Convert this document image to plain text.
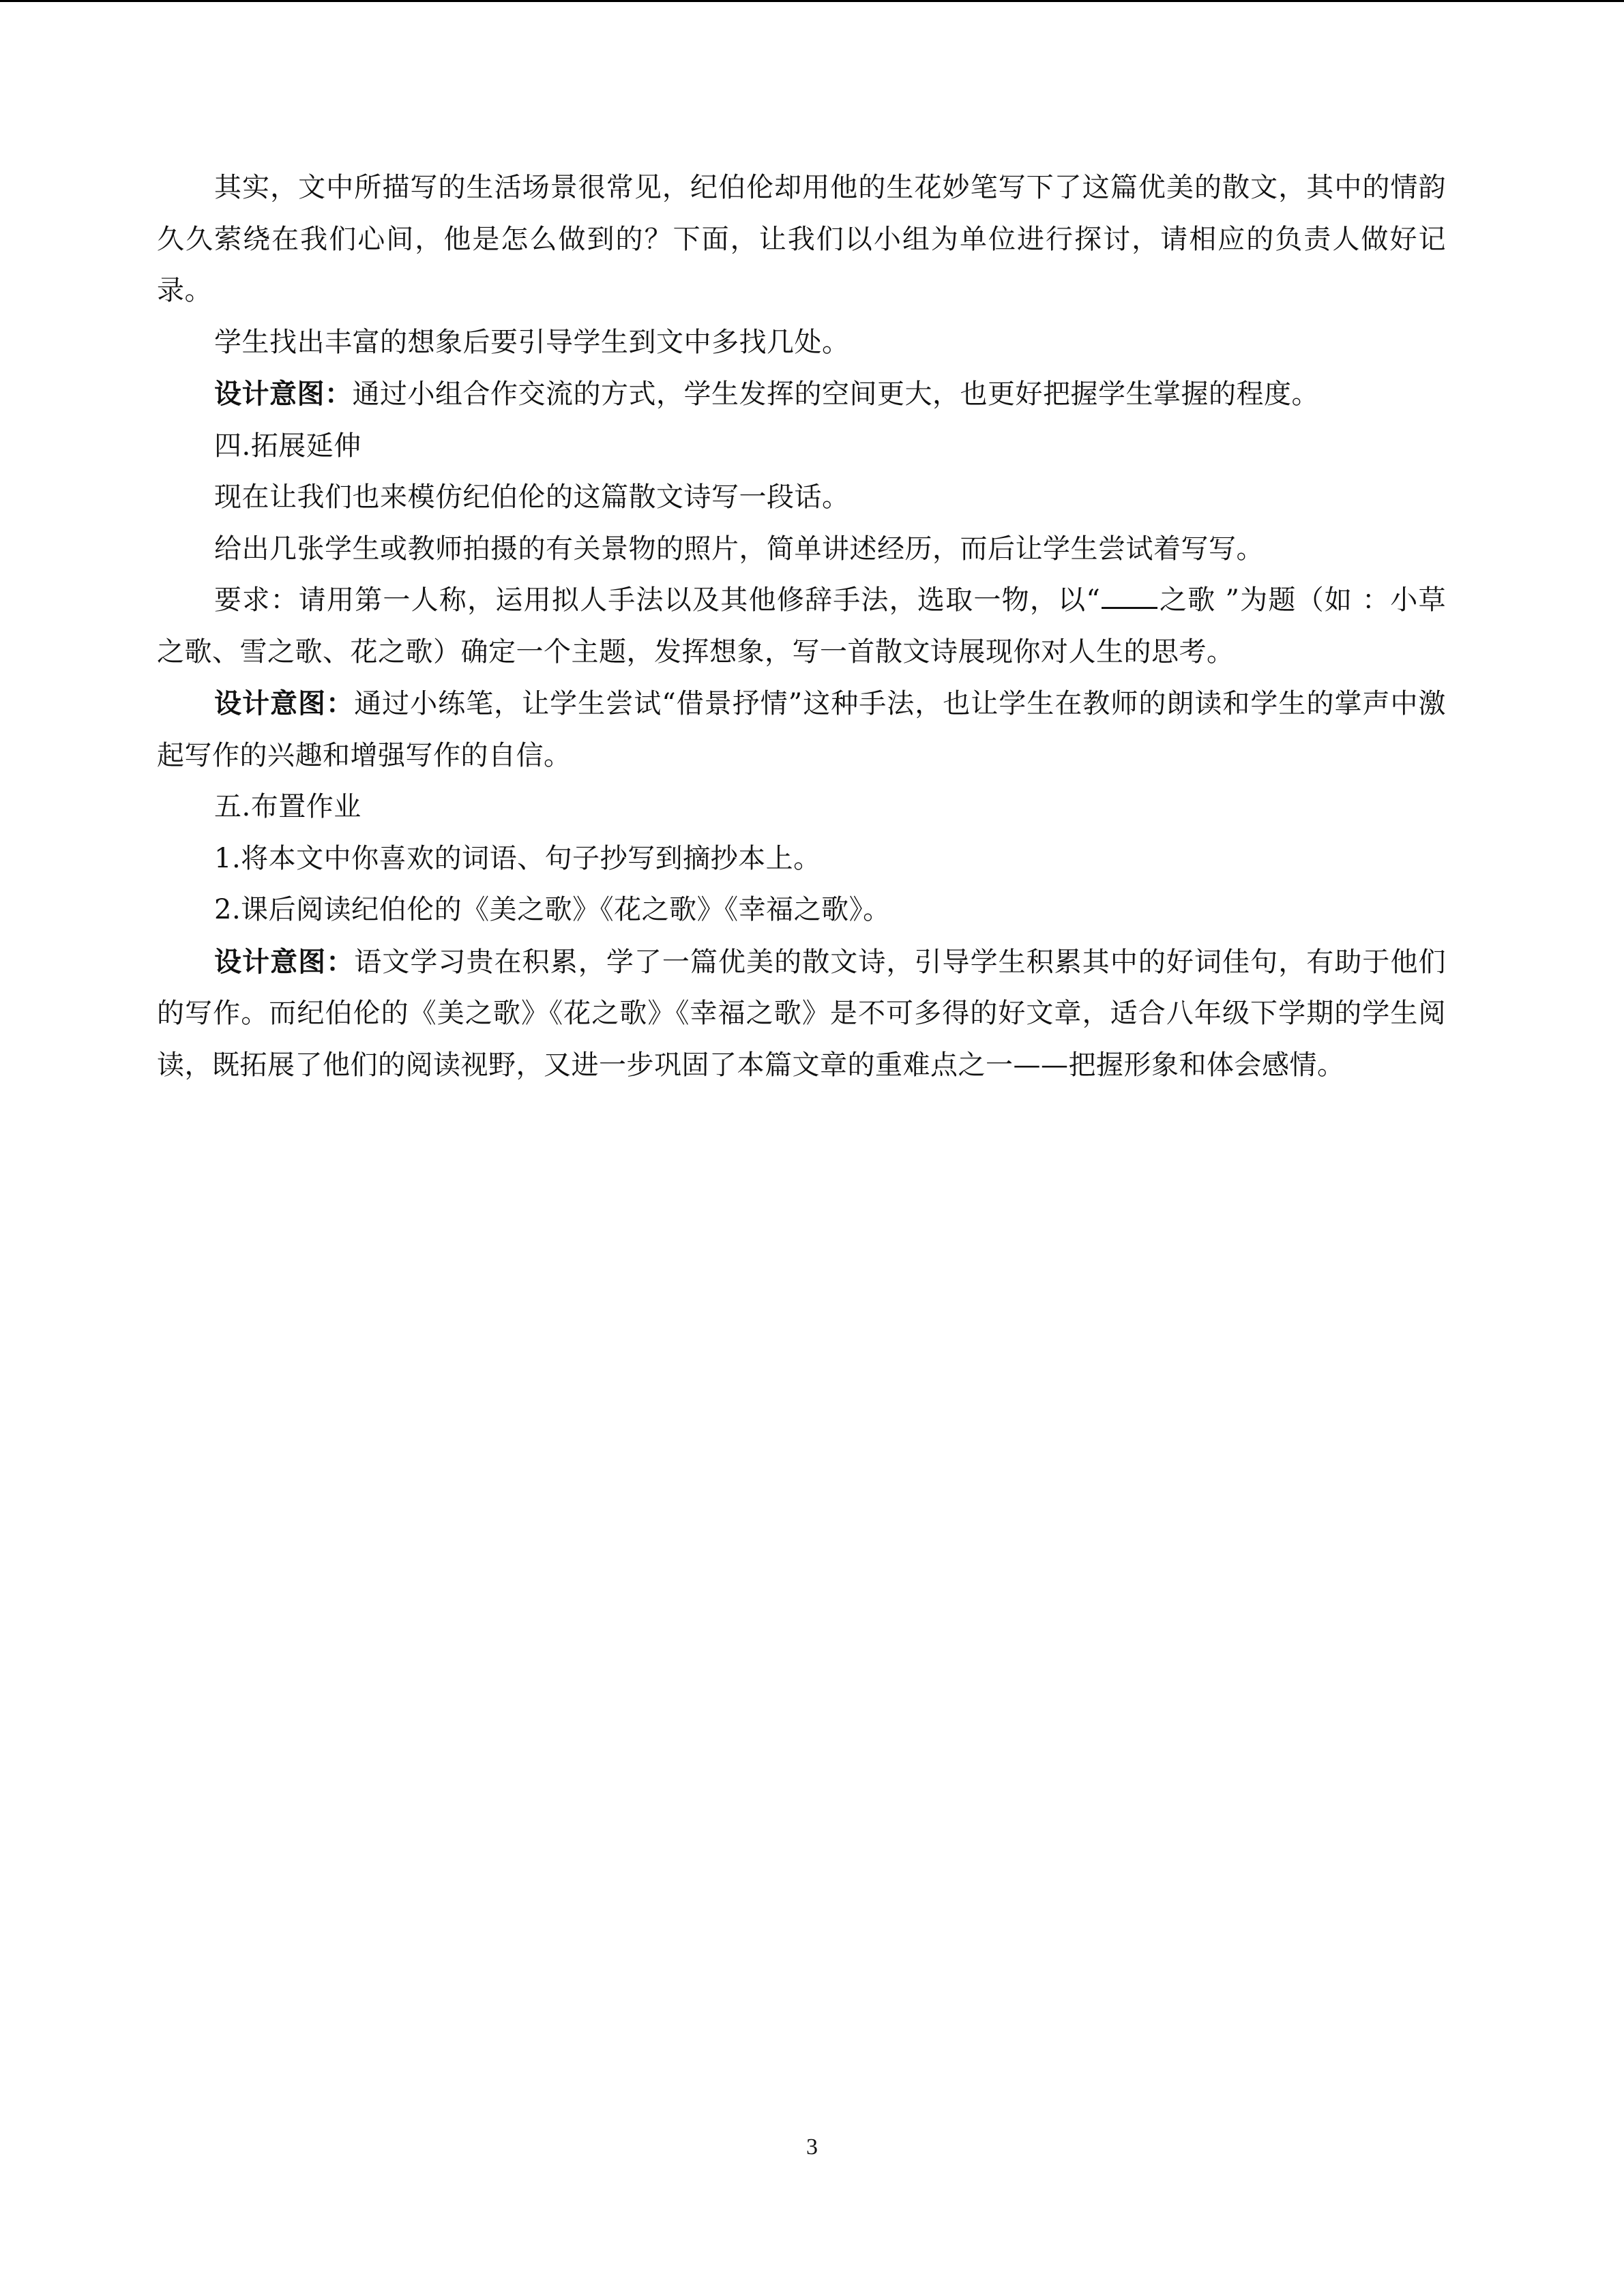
其实，文中所描写的生活场景很常见，纪伯伦却用他的生花妙笔写下了这篇优美的散文，其中的情韵久久萦绕在我们心间，他是怎么做到的？下面，让我们以小组为单位进行探讨，请相应的负责人做好记录。

学生找出丰富的想象后要引导学生到文中多找几处。

设计意图：通过小组合作交流的方式，学生发挥的空间更大，也更好把握学生掌握的程度。

四.拓展延伸

现在让我们也来模仿纪伯伦的这篇散文诗写一段话。

给出几张学生或教师拍摄的有关景物的照片，简单讲述经历，而后让学生尝试着写写。

要求：请用第一人称，运用拟人手法以及其他修辞手法，选取一物，以“ 之歌 ”为题（如 ：小草之歌、雪之歌、花之歌）确定一个主题，发挥想象，写一首散文诗展现你对人生的思考。

设计意图：通过小练笔，让学生尝试“借景抒情”这种手法，也让学生在教师的朗读和学生的掌声中激起写作的兴趣和增强写作的自信。

五.布置作业

1.将本文中你喜欢的词语、句子抄写到摘抄本上。

2.课后阅读纪伯伦的《美之歌》《花之歌》《幸福之歌》。

设计意图：语文学习贵在积累，学了一篇优美的散文诗，引导学生积累其中的好词佳句，有助于他们的写作。而纪伯伦的《美之歌》《花之歌》《幸福之歌》是不可多得的好文章，适合八年级下学期的学生阅读，既拓展了他们的阅读视野，又进一步巩固了本篇文章的重难点之一——把握形象和体会感情。

3
